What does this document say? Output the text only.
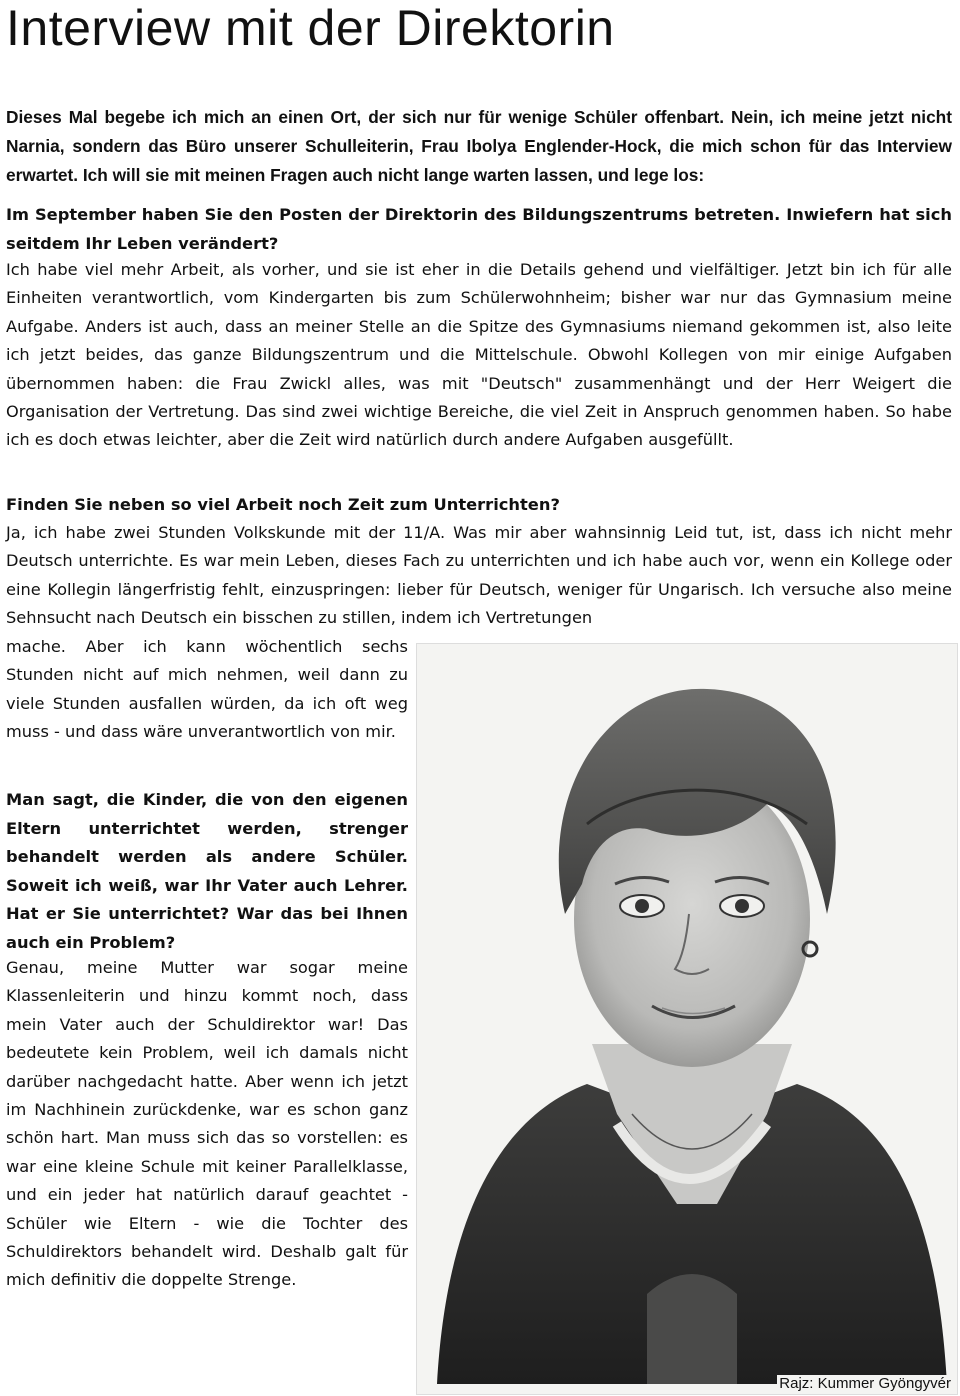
Interview mit der Direktorin

Dieses Mal begebe ich mich an einen Ort, der sich nur für wenige Schüler offenbart. Nein, ich meine jetzt nicht Narnia, sondern das Büro unserer Schulleiterin, Frau Ibolya Englender-Hock, die mich schon für das Interview erwartet. Ich will sie mit meinen Fragen auch nicht lange warten lassen, und lege los:

Im September haben Sie den Posten der Direktorin des Bildungszentrums betreten. Inwiefern hat sich seitdem Ihr Leben verändert?

Ich habe viel mehr Arbeit, als vorher, und sie ist eher in die Details gehend und vielfältiger. Jetzt bin ich für alle Einheiten verantwortlich, vom Kindergarten bis zum Schülerwohnheim; bisher war nur das Gymnasium meine Aufgabe. Anders ist auch, dass an meiner Stelle an die Spitze des Gymnasiums niemand gekommen ist, also leite ich jetzt beides, das ganze Bildungszentrum und die Mittelschule. Obwohl Kollegen von mir einige Aufgaben übernommen haben: die Frau Zwickl alles, was mit "Deutsch" zusammenhängt und der Herr Weigert die Organisation der Vertretung. Das sind zwei wichtige Bereiche, die viel Zeit in Anspruch genommen haben. So habe ich es doch etwas leichter, aber die Zeit wird natürlich durch andere Aufgaben ausgefüllt.

Finden Sie neben so viel Arbeit noch Zeit zum Unterrichten?

Ja, ich habe zwei Stunden Volkskunde mit der 11/A. Was mir aber wahnsinnig Leid tut, ist, dass ich nicht mehr Deutsch unterrichte. Es war mein Leben, dieses Fach zu unterrichten und ich habe auch vor, wenn ein Kollege oder eine Kollegin längerfristig fehlt, einzuspringen: lieber für Deutsch, weniger für Ungarisch. Ich versuche also meine Sehnsucht nach Deutsch ein bisschen zu stillen, indem ich Vertretungen

mache. Aber ich kann wöchentlich sechs Stunden nicht auf mich nehmen, weil dann zu viele Stunden ausfallen würden, da ich oft weg muss - und dass wäre unverantwortlich von mir.

Man sagt, die Kinder, die von den eigenen Eltern unterrichtet werden, strenger behandelt werden als andere Schüler. Soweit ich weiß, war Ihr Vater auch Lehrer. Hat er Sie unterrichtet? War das bei Ihnen auch ein Problem?

Genau, meine Mutter war sogar meine Klassenleiterin und hinzu kommt noch, dass mein Vater auch der Schuldirektor war! Das bedeutete kein Problem, weil ich damals nicht darüber nachgedacht hatte. Aber wenn ich jetzt im Nachhinein zurückdenke, war es schon ganz schön hart. Man muss sich das so vorstellen: es war eine kleine Schule mit keiner Parallelklasse, und ein jeder hat natürlich darauf geachtet - Schüler wie Eltern - wie die Tochter des Schuldirektors behandelt wird. Deshalb galt für mich definitiv die doppelte Strenge.

Rajz: Kummer Gyöngyvér
